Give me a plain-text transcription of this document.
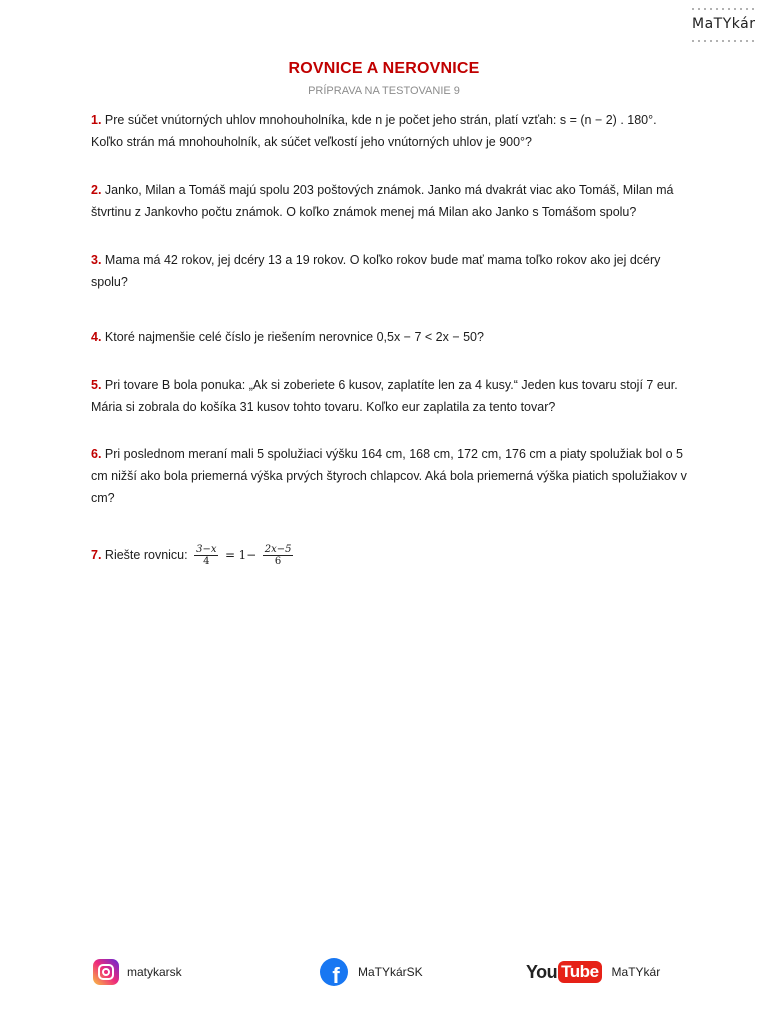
MaTYkár
ROVNICE A NEROVNICE
PRÍPRAVA NA TESTOVANIE 9
1. Pre súčet vnútorných uhlov mnohouholníka, kde n je počet jeho strán, platí vzťah: s = (n − 2) . 180°. Koľko strán má mnohouholník, ak súčet veľkostí jeho vnútorných uhlov je 900°?
2. Janko, Milan a Tomáš majú spolu 203 poštových známok. Janko má dvakrát viac ako Tomáš, Milan má štvrtinu z Jankovho počtu známok. O koľko známok menej má Milan ako Janko s Tomášom spolu?
3. Mama má 42 rokov, jej dcéry 13 a 19 rokov. O koľko rokov bude mať mama toľko rokov ako jej dcéry spolu?
4. Ktoré najmenšie celé číslo je riešením nerovnice 0,5x − 7 < 2x − 50?
5. Pri tovare B bola ponuka: „Ak si zoberiete 6 kusov, zaplatíte len za 4 kusy.“ Jeden kus tovaru stojí 7 eur. Mária si zobrala do košíka 31 kusov tohto tovaru. Koľko eur zaplatila za tento tovar?
6. Pri poslednom meraní mali 5 spolužiaci výšku 164 cm, 168 cm, 172 cm, 176 cm a piaty spolužiak bol o 5 cm nižší ako bola priemerná výška prvých štyroch chlapcov. Aká bola priemerná výška piatich spolužiakov v cm?
7. Riešte rovnicu: $\frac{3-x}{4} = 1- \frac{2x-5}{6}$
matykarsk	f MaTYkárSK	You Tube MaTYkár
